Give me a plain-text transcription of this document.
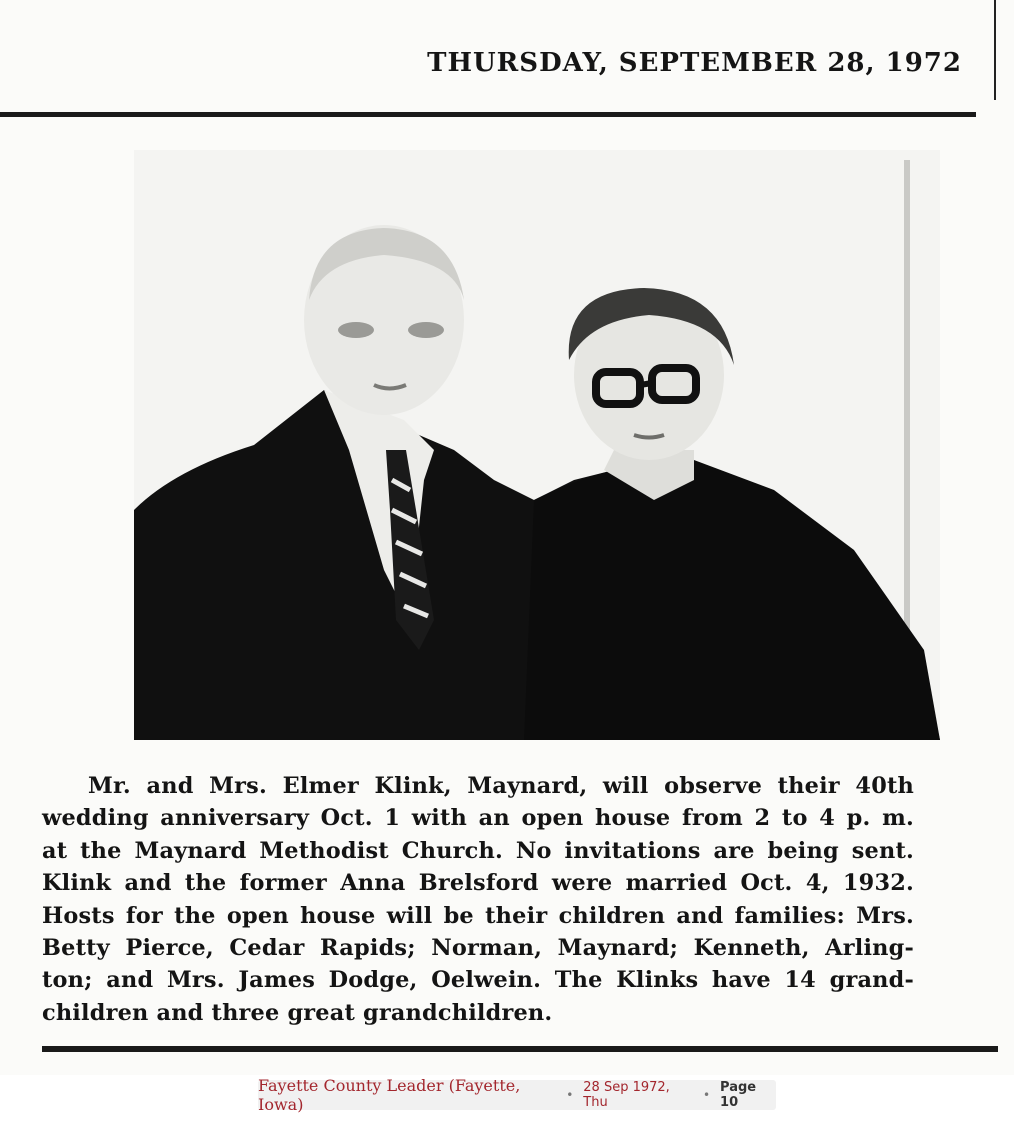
THURSDAY, SEPTEMBER 28, 1972
Mr. and Mrs. Elmer Klink, Maynard, will observe their 40th
wedding anniversary Oct. 1 with an open house from 2 to 4 p. m.
at the Maynard Methodist Church. No invitations are being sent.
Klink and the former Anna Brelsford were married Oct. 4, 1932.
Hosts for the open house will be their children and families: Mrs.
Betty Pierce, Cedar Rapids; Norman, Maynard; Kenneth, Arling-
ton; and Mrs. James Dodge, Oelwein. The Klinks have 14 grand-
children and three great grandchildren.
Fayette County Leader (Fayette, Iowa)	• 28 Sep 1972, Thu	• Page 10
